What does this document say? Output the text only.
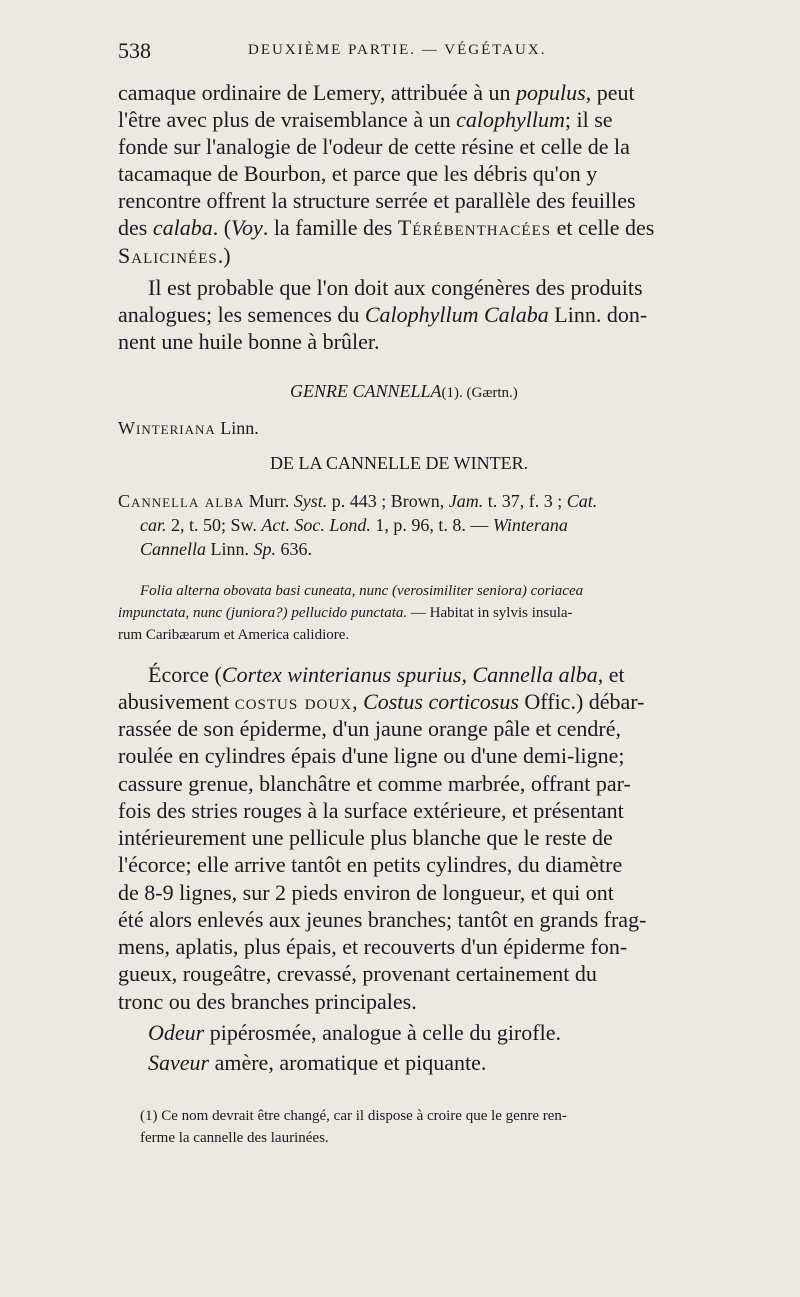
538	DEUXIÈME PARTIE. — VÉGÉTAUX.
camaque ordinaire de Lemery, attribuée à un populus, peut
l'être avec plus de vraisemblance à un calophyllum; il se
fonde sur l'analogie de l'odeur de cette résine et celle de la
tacamaque de Bourbon, et parce que les débris qu'on y
rencontre offrent la structure serrée et parallèle des feuilles
des calaba. (Voy. la famille des Térébenthacées et celle des
Salicinées.)
Il est probable que l'on doit aux congénères des produits
analogues; les semences du Calophyllum Calaba Linn. don-
nent une huile bonne à brûler.
GENRE CANNELLA(1). (Gærtn.)
Winteriana Linn.
DE LA CANNELLE DE WINTER.
Cannella alba Murr. Syst. p. 443 ; Brown, Jam. t. 37, f. 3 ; Cat.
car. 2, t. 50; Sw. Act. Soc. Lond. 1, p. 96, t. 8. — Winterana
Cannella Linn. Sp. 636.
Folia alterna obovata basi cuneata, nunc (verosimiliter seniora) coriacea
impunctata, nunc (juniora?) pellucido punctata. — Habitat in sylvis insula-
rum Caribæarum et America calidiore.
Écorce (Cortex winterianus spurius, Cannella alba, et
abusivement costus doux, Costus corticosus Offic.) débar-
rassée de son épiderme, d'un jaune orange pâle et cendré,
roulée en cylindres épais d'une ligne ou d'une demi-ligne;
cassure grenue, blanchâtre et comme marbrée, offrant par-
fois des stries rouges à la surface extérieure, et présentant
intérieurement une pellicule plus blanche que le reste de
l'écorce; elle arrive tantôt en petits cylindres, du diamètre
de 8-9 lignes, sur 2 pieds environ de longueur, et qui ont
été alors enlevés aux jeunes branches; tantôt en grands frag-
mens, aplatis, plus épais, et recouverts d'un épiderme fon-
gueux, rougeâtre, crevassé, provenant certainement du
tronc ou des branches principales.
Odeur pipérosmée, analogue à celle du girofle.
Saveur amère, aromatique et piquante.
(1) Ce nom devrait être changé, car il dispose à croire que le genre ren-
ferme la cannelle des laurinées.
